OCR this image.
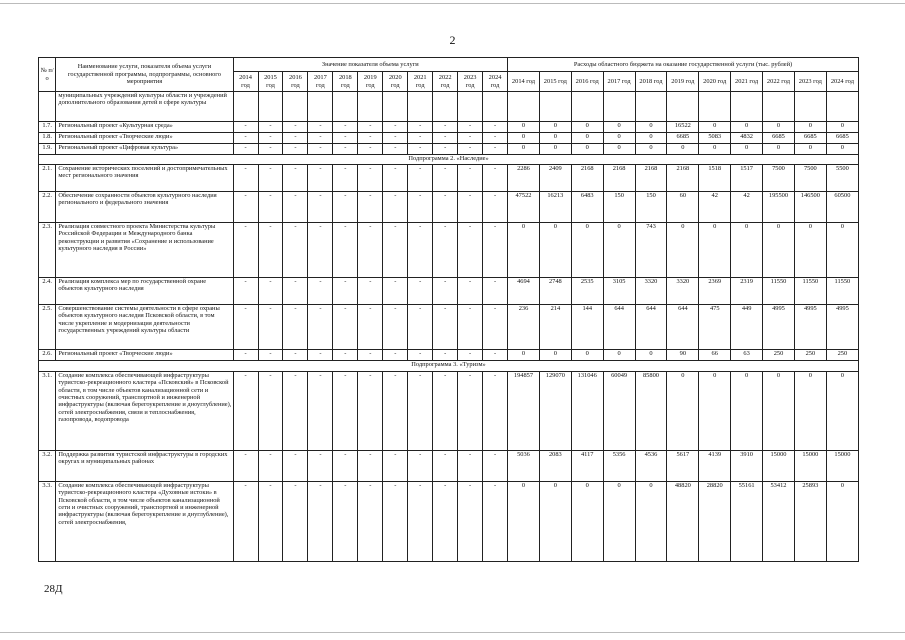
2
№ п/о	Наименование услуги, показателя объема услуги государственной программы, подпрограммы, основного мероприятия	Значение показателя объема услуги											Расходы областного бюджета на оказание государственной услуги (тыс. рублей)										
		2014 год	2015 год	2016 год	2017 год	2018 год	2019 год	2020 год	2021 год	2022 год	2023 год	2024 год	2014 год	2015 год	2016 год	2017 год	2018 год	2019 год	2020 год	2021 год	2022 год	2023 год	2024 год
	муниципальных учреждений культуры области и учреждений дополнительного образования детей в сфере культуры																						
1.7.	Региональный проект «Культурная среда»	-	-	-	-	-	-	-	-	-	-	-	0	0	0	0	0	16522	0	0	0	0	0
1.8.	Региональный проект «Творческие люди»	-	-	-	-	-	-	-	-	-	-	-	0	0	0	0	0	6685	5083	4832	6685	6685	6685
1.9.	Региональный проект «Цифровая культура»	-	-	-	-	-	-	-	-	-	-	-	0	0	0	0	0	0	0	0	0	0	0
Подпрограмма 2. «Наследие»																							
2.1.	Сохранение исторических поселений и достопримечательных мест регионального значения	-	-	-	-	-	-	-	-	-	-	-	2286	2409	2168	2168	2168	2168	1518	1517	7500	7500	5500
2.2.	Обеспечение сохранности объектов культурного наследия регионального и федерального значения	-	-	-	-	-	-	-	-	-	-	-	47522	16213	6483	150	150	60	42	42	195500	146500	60500
2.3.	Реализация совместного проекта Министерства культуры Российской Федерации и Международного банка реконструкции и развития «Сохранение и использование культурного наследия в России»	-	-	-	-	-	-	-	-	-	-	-	0	0	0	0	743	0	0	0	0	0	0
2.4.	Реализация комплекса мер по государственной охране объектов культурного наследия	-	-	-	-	-	-	-	-	-	-	-	4694	2748	2535	3105	3320	3320	2369	2319	11550	11550	11550
2.5.	Совершенствование системы деятельности в сфере охраны объектов культурного наследия Псковской области, в том числе укрепление и модернизация деятельности государственных учреждений культуры области	-	-	-	-	-	-	-	-	-	-	-	236	214	144	644	644	644	475	449	4995	4995	4995
2.6.	Региональный проект «Творческие люди»	-	-	-	-	-	-	-	-	-	-	-	0	0	0	0	0	90	66	63	250	250	250
Подпрограмма 3. «Туризм»																							
3.1.	Создание комплекса обеспечивающей инфраструктуры туристско-рекреационного кластера «Псковский» в Псковской области, в том числе объектов канализационной сети и очистных сооружений, транспортной и инженерной инфраструктуры (включая берегоукрепление и дноуглубление), сетей электроснабжения, связи и теплоснабжения, газопровода, водопровода	-	-	-	-	-	-	-	-	-	-	-	194857	129070	131046	60049	85800	0	0	0	0	0	0
3.2.	Поддержка развития туристской инфраструктуры в городских округах и муниципальных районах	-	-	-	-	-	-	-	-	-	-	-	5036	2083	4117	5356	4536	5617	4139	3910	15000	15000	15000
3.3.	Создание комплекса обеспечивающей инфраструктуры туристско-рекреационного кластера «Духовные истоки» в Псковской области, в том числе объектов канализационной сети и очистных сооружений, транспортной и инженерной инфраструктуры (включая берегоукрепление и днуглубление), сетей электроснабжения,	-	-	-	-	-	-	-	-	-	-	-	0	0	0	0	0	48820	28820	55161	53412	25893	0
28Д
